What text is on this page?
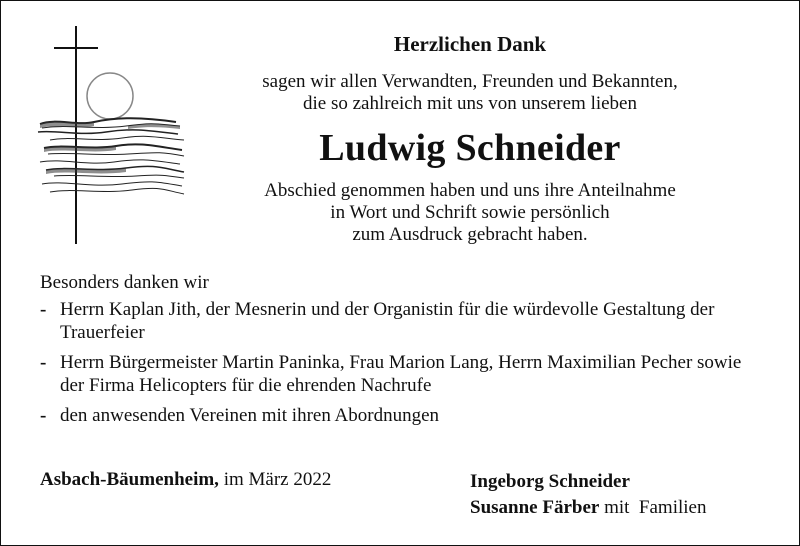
Herzlichen Dank
sagen wir allen Verwandten, Freunden und Bekannten,
die so zahlreich mit uns von unserem lieben
Ludwig Schneider
Abschied genommen haben und uns ihre Anteilnahme
in Wort und Schrift sowie persönlich
zum Ausdruck gebracht haben.
Besonders danken wir
- Herrn Kaplan Jith, der Mesnerin und der Organistin für die würdevolle Gestaltung der Trauerfeier
- Herrn Bürgermeister Martin Paninka, Frau Marion Lang, Herrn Maximilian Pecher sowie der Firma Helicopters für die ehrenden Nachrufe
- den anwesenden Vereinen mit ihren Abordnungen
Asbach-Bäumenheim, im März 2022	Ingeborg Schneider
Susanne Färber mit  Familien
